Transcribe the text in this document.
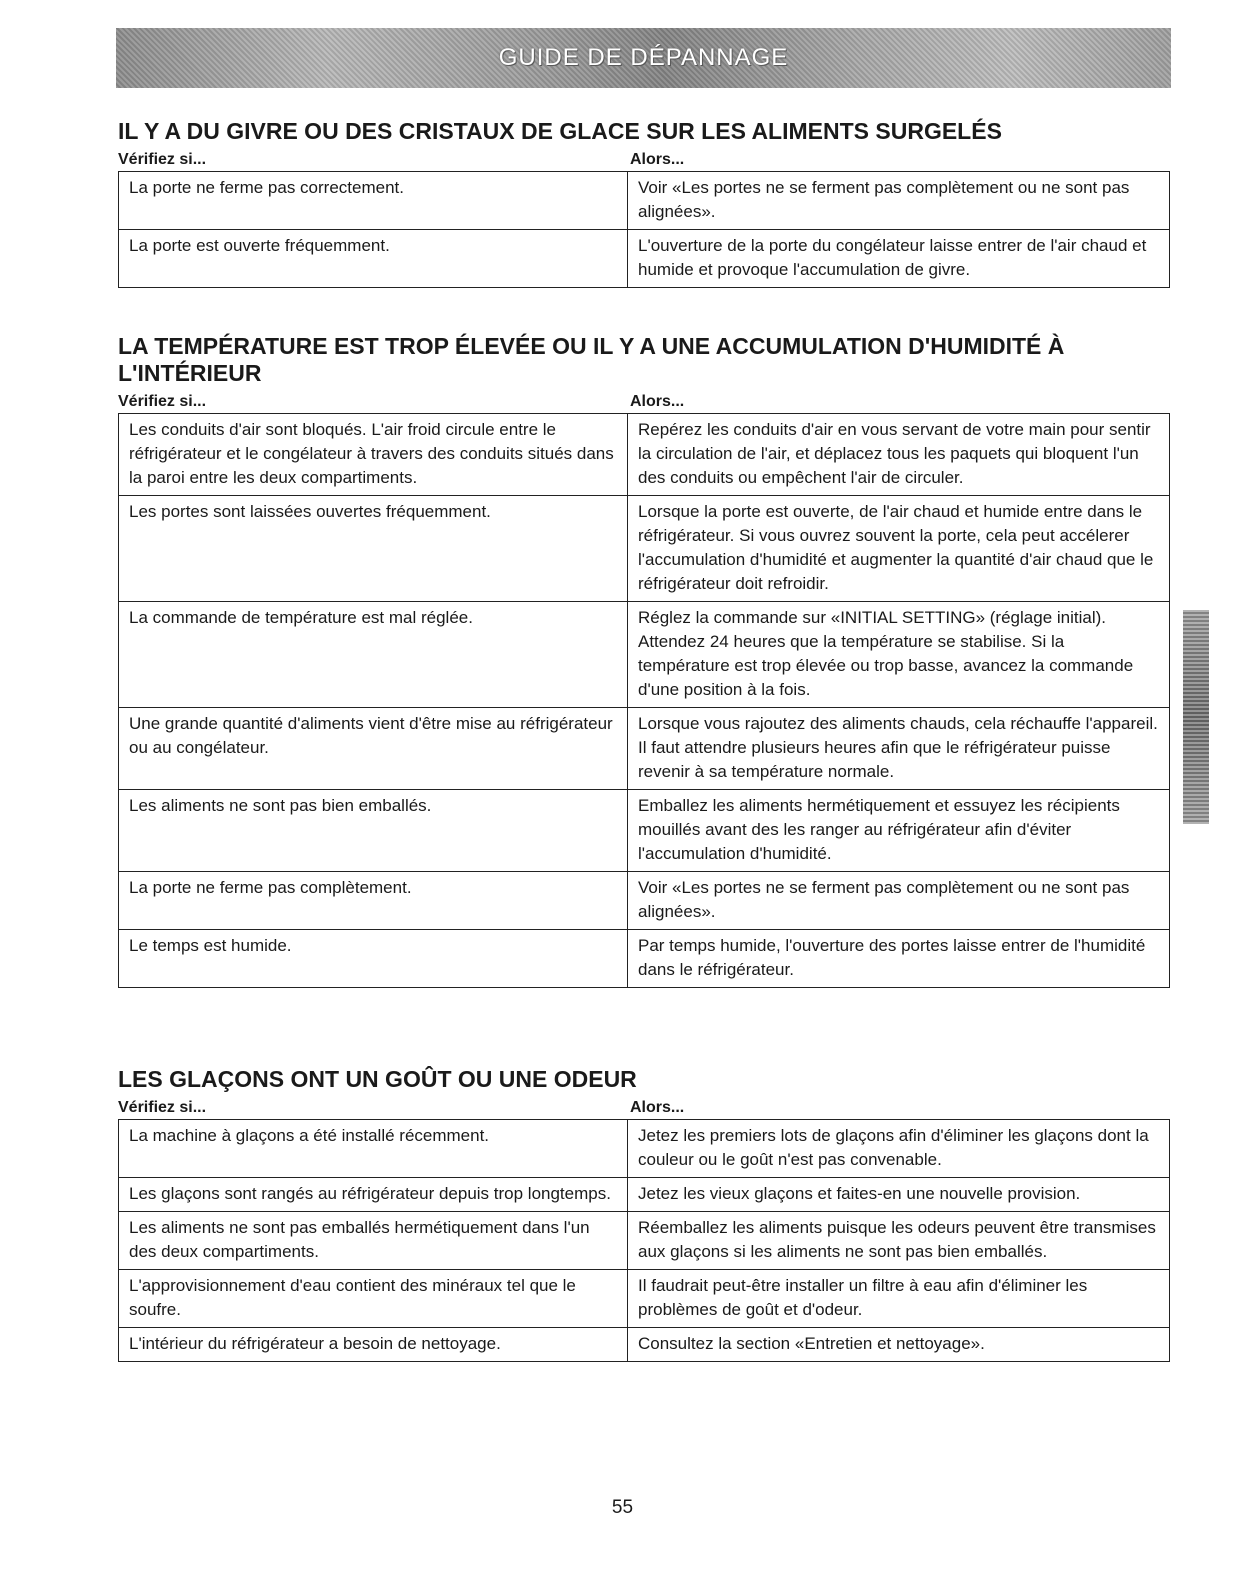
GUIDE DE DÉPANNAGE
IL Y A DU GIVRE OU DES CRISTAUX DE GLACE SUR LES ALIMENTS SURGELÉS
Vérifiez si...	Alors...
La porte ne ferme pas correctement.	Voir «Les portes ne se ferment pas complètement ou ne sont pas alignées».
La porte est ouverte fréquemment.	L'ouverture de la porte du congélateur laisse entrer de l'air chaud et humide et provoque l'accumulation de givre.
LA TEMPÉRATURE EST TROP ÉLEVÉE OU IL Y A UNE ACCUMULATION D'HUMIDITÉ À L'INTÉRIEUR
Vérifiez si...	Alors...
Les conduits d'air sont bloqués. L'air froid circule entre le réfrigérateur et le congélateur à travers des conduits situés dans la paroi entre les deux compartiments.	Repérez les conduits d'air en vous servant de votre main pour sentir la circulation de l'air, et déplacez tous les paquets qui bloquent l'un des conduits ou empêchent l'air de circuler.
Les portes sont laissées ouvertes fréquemment.	Lorsque la porte est ouverte, de l'air chaud et humide entre dans le réfrigérateur. Si vous ouvrez souvent la porte, cela peut accélerer l'accumulation d'humidité et augmenter la quantité d'air chaud que le réfrigérateur doit refroidir.
La commande de température est mal réglée.	Réglez la commande sur «INITIAL SETTING» (réglage initial). Attendez 24 heures que la température se stabilise. Si la température est trop élevée ou trop basse, avancez la commande d'une position à la fois.
Une grande quantité d'aliments vient d'être mise au réfrigérateur ou au congélateur.	Lorsque vous rajoutez des aliments chauds, cela réchauffe l'appareil. Il faut attendre plusieurs heures afin que le réfrigérateur puisse revenir à sa température normale.
Les aliments ne sont pas bien emballés.	Emballez les aliments hermétiquement et essuyez les récipients mouillés avant des les ranger au réfrigérateur afin d'éviter l'accumulation d'humidité.
La porte ne ferme pas complètement.	Voir «Les portes ne se ferment pas complètement ou ne sont pas alignées».
Le temps est humide.	Par temps humide, l'ouverture des portes laisse entrer de l'humidité dans le réfrigérateur.
LES GLAÇONS ONT UN GOÛT OU UNE ODEUR
Vérifiez si...	Alors...
La machine à glaçons a été installé récemment.	Jetez les premiers lots de glaçons afin d'éliminer les glaçons dont la couleur ou le goût n'est pas convenable.
Les glaçons sont rangés au réfrigérateur depuis trop longtemps.	Jetez les vieux glaçons et faites-en une nouvelle provision.
Les aliments ne sont pas emballés hermétiquement dans l'un des deux compartiments.	Réemballez les aliments puisque les odeurs peuvent être transmises aux glaçons si les aliments ne sont pas bien emballés.
L'approvisionnement d'eau contient des minéraux tel que le soufre.	Il faudrait peut-être installer un filtre à eau afin d'éliminer les problèmes de goût et d'odeur.
L'intérieur du réfrigérateur a besoin de nettoyage.	Consultez la section «Entretien et nettoyage».
55
